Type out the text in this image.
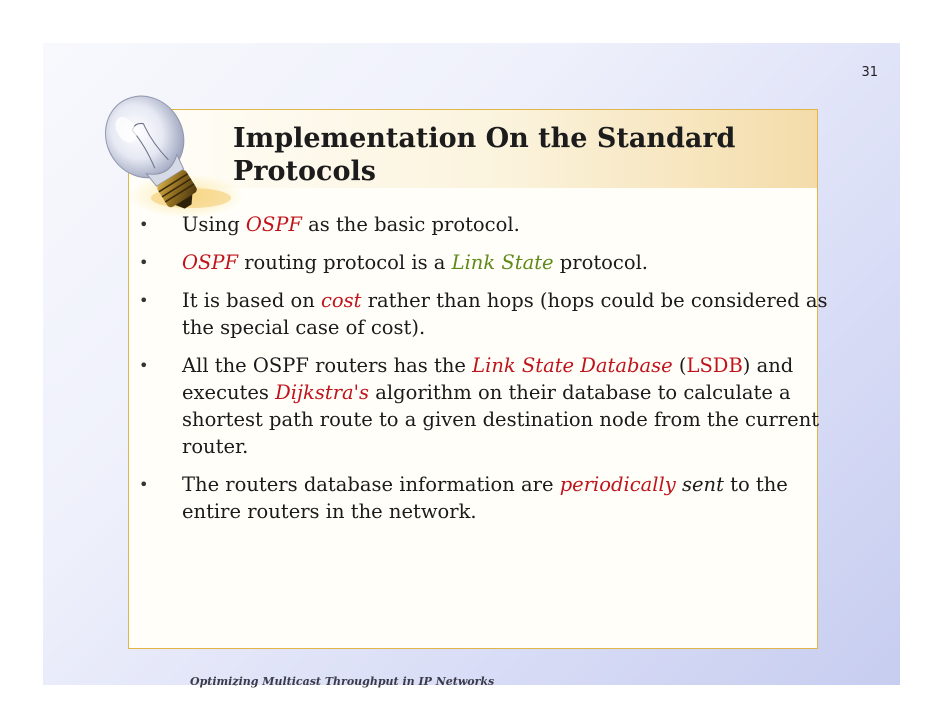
31
Implementation On the Standard
Protocols
• Using OSPF as the basic protocol.
• OSPF routing protocol is a Link State protocol.
• It is based on cost rather than hops (hops could be considered as the special case of cost).
• All the OSPF routers has the Link State Database (LSDB) and executes Dijkstra's algorithm on their database to calculate a shortest path route to a given destination node from the current router.
• The routers database information are periodically sent to the entire routers in the network.
Optimizing Multicast Throughput in IP Networks
